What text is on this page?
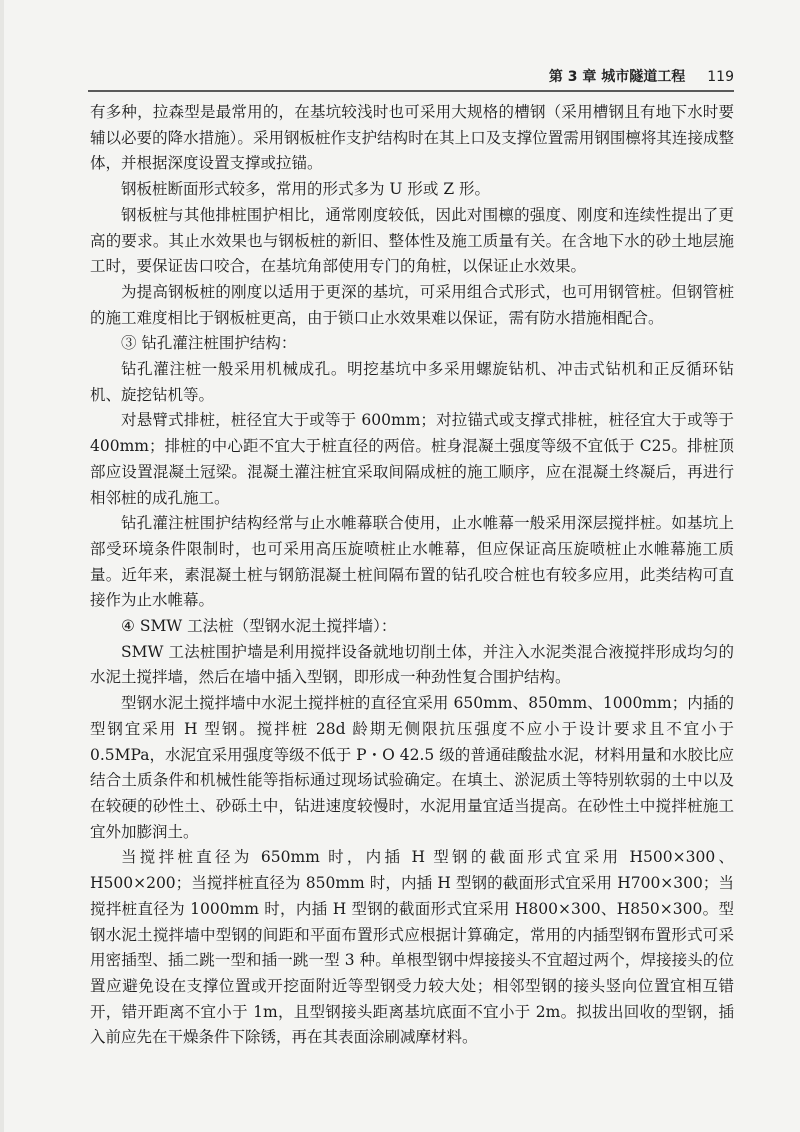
第 3 章 城市隧道工程 119

有多种，拉森型是最常用的，在基坑较浅时也可采用大规格的槽钢（采用槽钢且有地下水时要辅以必要的降水措施）。采用钢板桩作支护结构时在其上口及支撑位置需用钢围檩将其连接成整体，并根据深度设置支撑或拉锚。

钢板桩断面形式较多，常用的形式多为 U 形或 Z 形。

钢板桩与其他排桩围护相比，通常刚度较低，因此对围檩的强度、刚度和连续性提出了更高的要求。其止水效果也与钢板桩的新旧、整体性及施工质量有关。在含地下水的砂土地层施工时，要保证齿口咬合，在基坑角部使用专门的角桩，以保证止水效果。

为提高钢板桩的刚度以适用于更深的基坑，可采用组合式形式，也可用钢管桩。但钢管桩的施工难度相比于钢板桩更高，由于锁口止水效果难以保证，需有防水措施相配合。

③ 钻孔灌注桩围护结构：

钻孔灌注桩一般采用机械成孔。明挖基坑中多采用螺旋钻机、冲击式钻机和正反循环钻机、旋挖钻机等。

对悬臂式排桩，桩径宜大于或等于 600mm；对拉锚式或支撑式排桩，桩径宜大于或等于 400mm；排桩的中心距不宜大于桩直径的两倍。桩身混凝土强度等级不宜低于 C25。排桩顶部应设置混凝土冠梁。混凝土灌注桩宜采取间隔成桩的施工顺序，应在混凝土终凝后，再进行相邻桩的成孔施工。

钻孔灌注桩围护结构经常与止水帷幕联合使用，止水帷幕一般采用深层搅拌桩。如基坑上部受环境条件限制时，也可采用高压旋喷桩止水帷幕，但应保证高压旋喷桩止水帷幕施工质量。近年来，素混凝土桩与钢筋混凝土桩间隔布置的钻孔咬合桩也有较多应用，此类结构可直接作为止水帷幕。

④ SMW 工法桩（型钢水泥土搅拌墙）：

SMW 工法桩围护墙是利用搅拌设备就地切削土体，并注入水泥类混合液搅拌形成均匀的水泥土搅拌墙，然后在墙中插入型钢，即形成一种劲性复合围护结构。

型钢水泥土搅拌墙中水泥土搅拌桩的直径宜采用 650mm、850mm、1000mm；内插的型钢宜采用 H 型钢。搅拌桩 28d 龄期无侧限抗压强度不应小于设计要求且不宜小于 0.5MPa，水泥宜采用强度等级不低于 P・O 42.5 级的普通硅酸盐水泥，材料用量和水胶比应结合土质条件和机械性能等指标通过现场试验确定。在填土、淤泥质土等特别软弱的土中以及在较硬的砂性土、砂砾土中，钻进速度较慢时，水泥用量宜适当提高。在砂性土中搅拌桩施工宜外加膨润土。

当搅拌桩直径为 650mm 时，内插 H 型钢的截面形式宜采用 H500×300、H500×200；当搅拌桩直径为 850mm 时，内插 H 型钢的截面形式宜采用 H700×300；当搅拌桩直径为 1000mm 时，内插 H 型钢的截面形式宜采用 H800×300、H850×300。型钢水泥土搅拌墙中型钢的间距和平面布置形式应根据计算确定，常用的内插型钢布置形式可采用密插型、插二跳一型和插一跳一型 3 种。单根型钢中焊接接头不宜超过两个，焊接接头的位置应避免设在支撑位置或开挖面附近等型钢受力较大处；相邻型钢的接头竖向位置宜相互错开，错开距离不宜小于 1m，且型钢接头距离基坑底面不宜小于 2m。拟拔出回收的型钢，插入前应先在干燥条件下除锈，再在其表面涂刷减摩材料。
